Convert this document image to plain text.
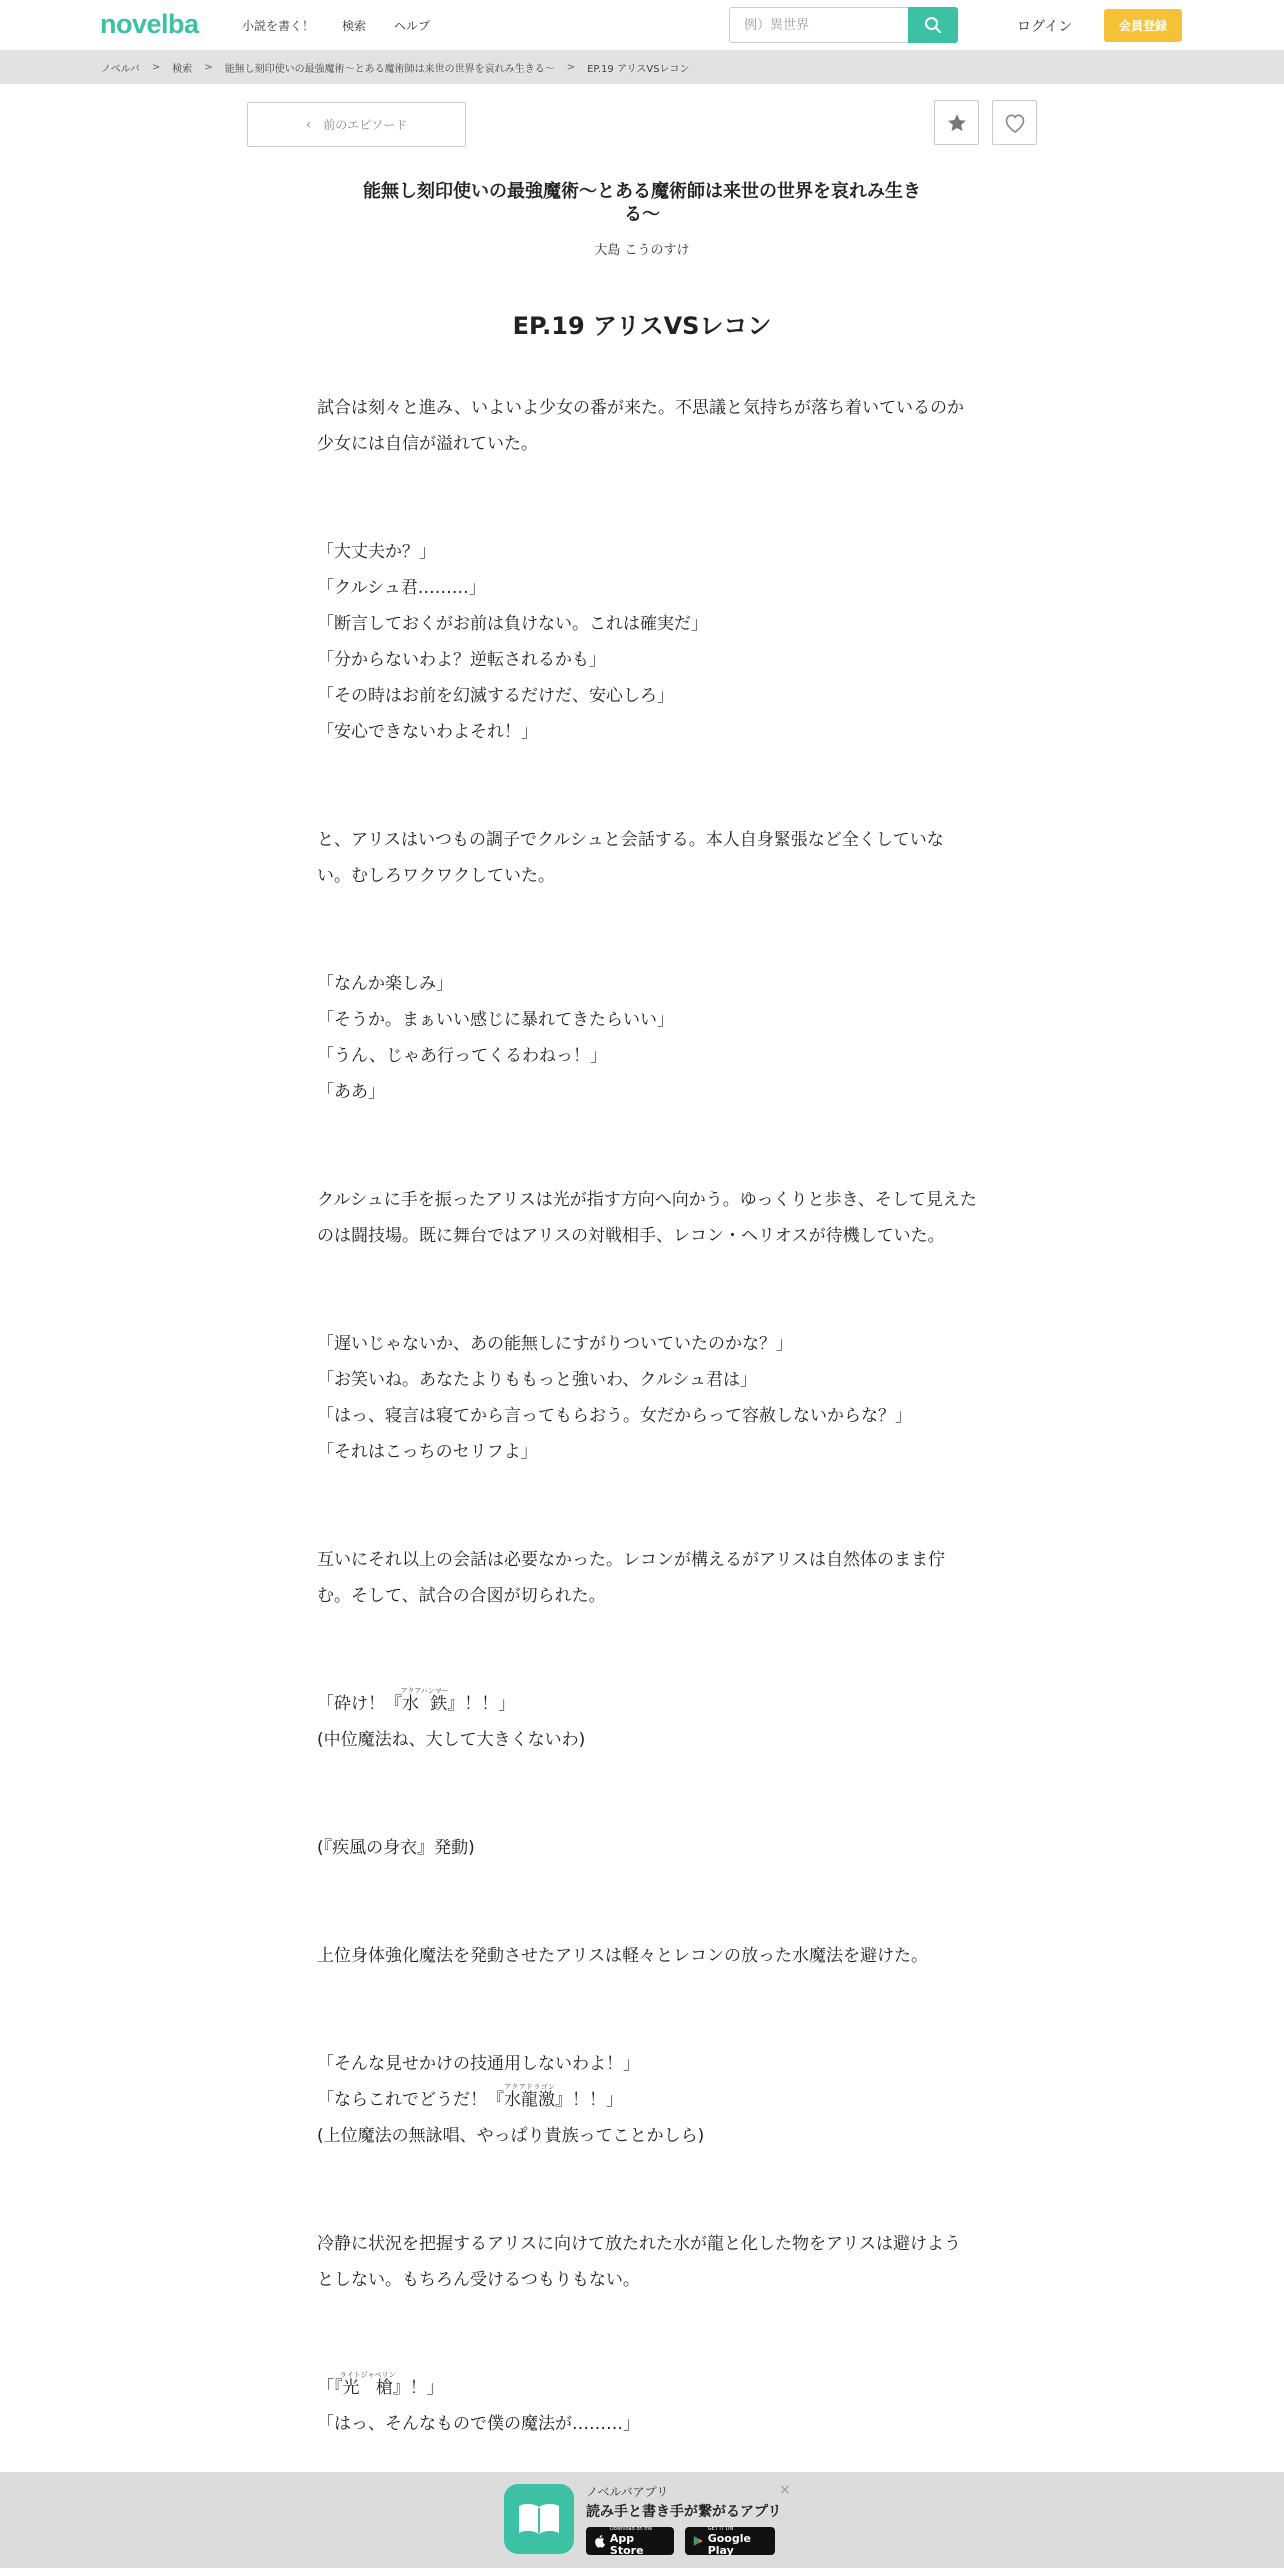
novelba	小説を書く！ 検索 ヘルプ
例）異世界	ログイン	会員登録
ノベルバ > 検索 > 能無し刻印使いの最強魔術〜とある魔術師は来世の世界を哀れみ生きる〜 > EP.19 アリスVSレコン
‹ 前のエピソード
能無し刻印使いの最強魔術〜とある魔術師は来世の世界を哀れみ生きる〜
大島 こうのすけ
EP.19 アリスVSレコン

試合は刻々と進み、いよいよ少女の番が来た。不思議と気持ちが落ち着いているのか少女には自信が溢れていた。

「大丈夫か？」

「クルシュ君………」

「断言しておくがお前は負けない。これは確実だ」

「分からないわよ？逆転されるかも」

「その時はお前を幻滅するだけだ、安心しろ」

「安心できないわよそれ！」

と、アリスはいつもの調子でクルシュと会話する。本人自身緊張など全くしていない。むしろワクワクしていた。

「なんか楽しみ」

「そうか。まぁいい感じに暴れてきたらいい」

「うん、じゃあ行ってくるわねっ！」

「ああ」

クルシュに手を振ったアリスは光が指す方向へ向かう。ゆっくりと歩き、そして見えたのは闘技場。既に舞台ではアリスの対戦相手、レコン・ヘリオスが待機していた。

「遅いじゃないか、あの能無しにすがりついていたのかな？」

「お笑いね。あなたよりももっと強いわ、クルシュ君は」

「はっ、寝言は寝てから言ってもらおう。女だからって容赦しないからな？」

「それはこっちのセリフよ」

互いにそれ以上の会話は必要なかった。レコンが構えるがアリスは自然体のまま佇む。そして、試合の合図が切られた。

「砕け！『水 鉄アクアハンマー』！！」

(中位魔法ね、大して大きくないわ)

(『疾風の身衣』発動)

上位身体強化魔法を発動させたアリスは軽々とレコンの放った水魔法を避けた。

「そんな見せかけの技通用しないわよ！」

「ならこれでどうだ！『水龍激アクアドラゴン』！！」

(上位魔法の無詠唱、やっぱり貴族ってことかしら)

冷静に状況を把握するアリスに向けて放たれた水が龍と化した物をアリスは避けようとしない。もちろん受けるつもりもない。

「『光 槍ライトジャベリン』！」

「はっ、そんなもので僕の魔法が………」

ノベルバアプリ
読み手と書き手が繋がるアプリ
Download on the
App Store
GET IT ON
Google Play
×
